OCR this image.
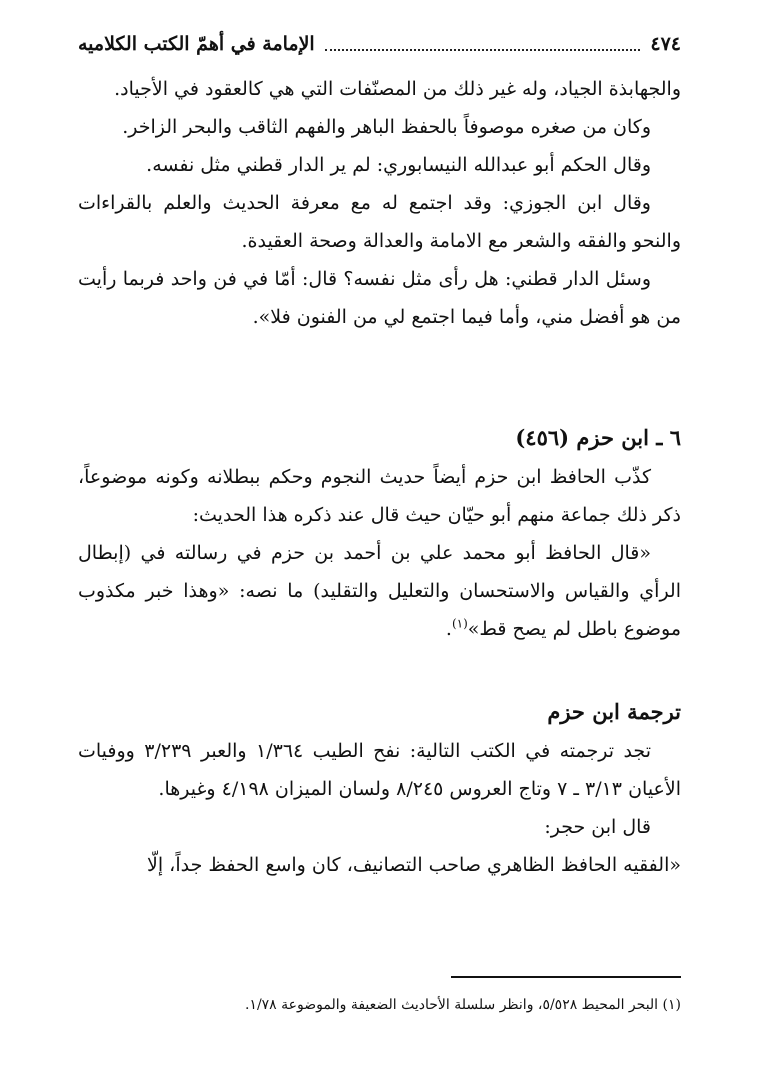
٤٧٤
الإمامة في أهمّ الكتب الكلاميه

والجهابذة الجياد، وله غير ذلك من المصنّفات التي هي كالعقود في الأجياد.

وكان من صغره موصوفاً بالحفظ الباهر والفهم الثاقب والبحر الزاخر.

وقال الحكم أبو عبدالله النيسابوري: لم ير الدار قطني مثل نفسه.

وقال ابن الجوزي: وقد اجتمع له مع معرفة الحديث والعلم بالقراءات والنحو والفقه والشعر مع الامامة والعدالة وصحة العقيدة.

وسئل الدار قطني: هل رأى مثل نفسه؟ قال: أمّا في فن واحد فربما رأيت من هو أفضل مني، وأما فيما اجتمع لي من الفنون فلا».

٦ ـ ابن حزم (٤٥٦)

كذّب الحافظ ابن حزم أيضاً حديث النجوم وحكم ببطلانه وكونه موضوعاً، ذكر ذلك جماعة منهم أبو حيّان حيث قال عند ذكره هذا الحديث:

«قال الحافظ أبو محمد علي بن أحمد بن حزم في رسالته في (إبطال الرأي والقياس والاستحسان والتعليل والتقليد) ما نصه: «وهذا خبر مكذوب موضوع باطل لم يصح قط»$^{(١)}$.

ترجمة ابن حزم

تجد ترجمته في الكتب التالية: نفح الطيب ١/٣٦٤ والعبر ٣/٢٣٩ ووفيات الأعيان ٣/١٣ ـ ٧ وتاج العروس ٨/٢٤٥ ولسان الميزان ٤/١٩٨ وغيرها.

قال ابن حجر:

«الفقيه الحافظ الظاهري صاحب التصانيف، كان واسع الحفظ جداً، إلّا

(١) البحر المحيط ٥/٥٢٨، وانظر سلسلة الأحاديث الضعيفة والموضوعة ١/٧٨.
